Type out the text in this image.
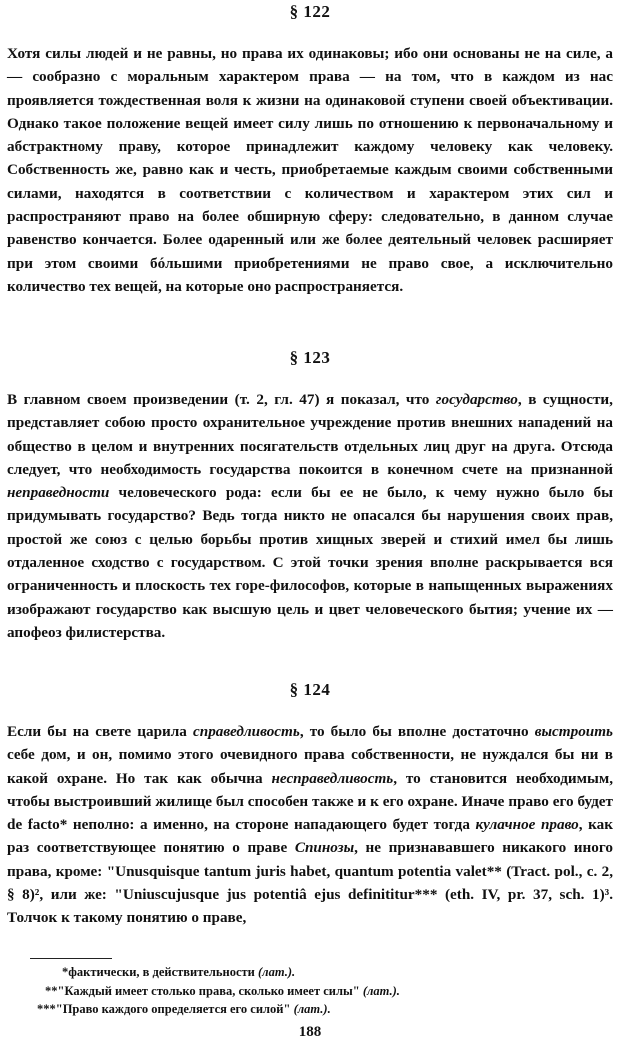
§ 122

Хотя силы людей и не равны, но права их одинаковы; ибо они основаны не на силе, а — сообразно с моральным характером права — на том, что в каждом из нас проявляется тождественная воля к жизни на одинаковой ступени своей объективации. Однако такое положение вещей имеет силу лишь по отношению к первоначальному и абстрактному праву, которое принадлежит каждому человеку как человеку. Собственность же, равно как и честь, приобретаемые каждым своими собственными силами, находятся в соответствии с количеством и характером этих сил и распространяют право на более обширную сферу: следовательно, в данном случае равенство кончается. Более одаренный или же более деятельный человек расширяет при этом своими бóльшими приобретениями не право свое, а исключительно количество тех вещей, на которые оно распространяется.

§ 123

В главном своем произведении (т. 2, гл. 47) я показал, что государство, в сущности, представляет собою просто охранительное учреждение против внешних нападений на общество в целом и внутренних посягательств отдельных лиц друг на друга. Отсюда следует, что необходимость государства покоится в конечном счете на признанной неправедности человеческого рода: если бы ее не было, к чему нужно было бы придумывать государство? Ведь тогда никто не опасался бы нарушения своих прав, простой же союз с целью борьбы против хищных зверей и стихий имел бы лишь отдаленное сходство с государством. С этой точки зрения вполне раскрывается вся ограниченность и плоскость тех горе-философов, которые в напыщенных выражениях изображают государство как высшую цель и цвет человеческого бытия; учение их — апофеоз филистерства.

§ 124

Если бы на свете царила справедливость, то было бы вполне достаточно выстроить себе дом, и он, помимо этого очевидного права собственности, не нуждался бы ни в какой охране. Но так как обычна несправедливость, то становится необходимым, чтобы выстроивший жилище был способен также и к его охране. Иначе право его будет de facto* неполно: а именно, на стороне нападающего будет тогда кулачное право, как раз соответствующее понятию о праве Спинозы, не признававшего никакого иного права, кроме: "Unusquisque tantum juris habet, quantum potentia valet** (Tract. pol., c. 2, § 8)², или же: "Uniuscujusque jus potentiâ ejus definititur*** (eth. IV, pr. 37, sch. 1)³. Толчок к такому понятию о праве,

*фактически, в действительности (лат.).
**"Каждый имеет столько права, сколько имеет силы" (лат.).
***"Право каждого определяется его силой" (лат.).
188
